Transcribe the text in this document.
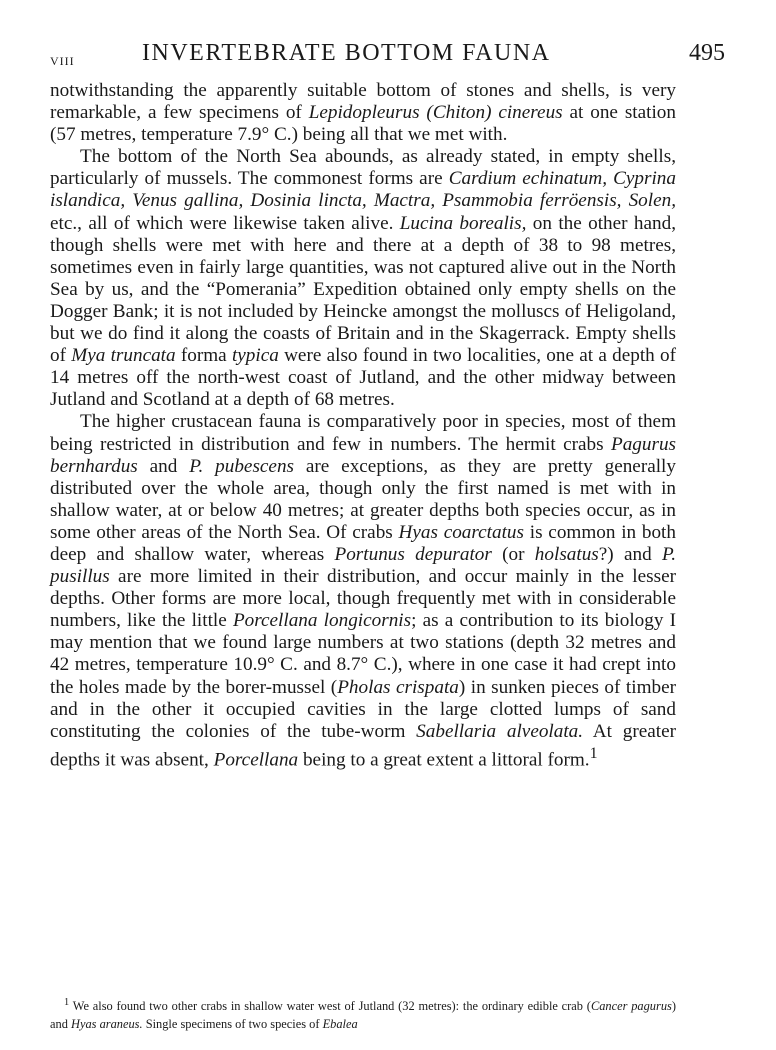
VIII	INVERTEBRATE BOTTOM FAUNA	495

notwithstanding the apparently suitable bottom of stones and shells, is very remarkable, a few specimens of Lepidopleurus (Chiton) cinereus at one station (57 metres, temperature 7.9° C.) being all that we met with.

The bottom of the North Sea abounds, as already stated, in empty shells, particularly of mussels. The commonest forms are Cardium echinatum, Cyprina islandica, Venus gallina, Dosinia lincta, Mactra, Psammobia ferröensis, Solen, etc., all of which were likewise taken alive. Lucina borealis, on the other hand, though shells were met with here and there at a depth of 38 to 98 metres, sometimes even in fairly large quantities, was not captured alive out in the North Sea by us, and the “Pomerania” Expedition obtained only empty shells on the Dogger Bank; it is not included by Heincke amongst the molluscs of Heligoland, but we do find it along the coasts of Britain and in the Skagerrack. Empty shells of Mya truncata forma typica were also found in two localities, one at a depth of 14 metres off the north-west coast of Jutland, and the other midway between Jutland and Scotland at a depth of 68 metres.

The higher crustacean fauna is comparatively poor in species, most of them being restricted in distribution and few in numbers. The hermit crabs Pagurus bernhardus and P. pubescens are exceptions, as they are pretty generally distributed over the whole area, though only the first named is met with in shallow water, at or below 40 metres; at greater depths both species occur, as in some other areas of the North Sea. Of crabs Hyas coarctatus is common in both deep and shallow water, whereas Portunus depurator (or holsatus?) and P. pusillus are more limited in their distribution, and occur mainly in the lesser depths. Other forms are more local, though frequently met with in considerable numbers, like the little Porcellana longicornis; as a contribution to its biology I may mention that we found large numbers at two stations (depth 32 metres and 42 metres, temperature 10.9° C. and 8.7° C.), where in one case it had crept into the holes made by the borer-mussel (Pholas crispata) in sunken pieces of timber and in the other it occupied cavities in the large clotted lumps of sand constituting the colonies of the tube-worm Sabellaria alveolata. At greater depths it was absent, Porcellana being to a great extent a littoral form.$^1$

$^1$ We also found two other crabs in shallow water west of Jutland (32 metres): the ordinary edible crab (Cancer pagurus) and Hyas araneus. Single specimens of two species of Ebalea
